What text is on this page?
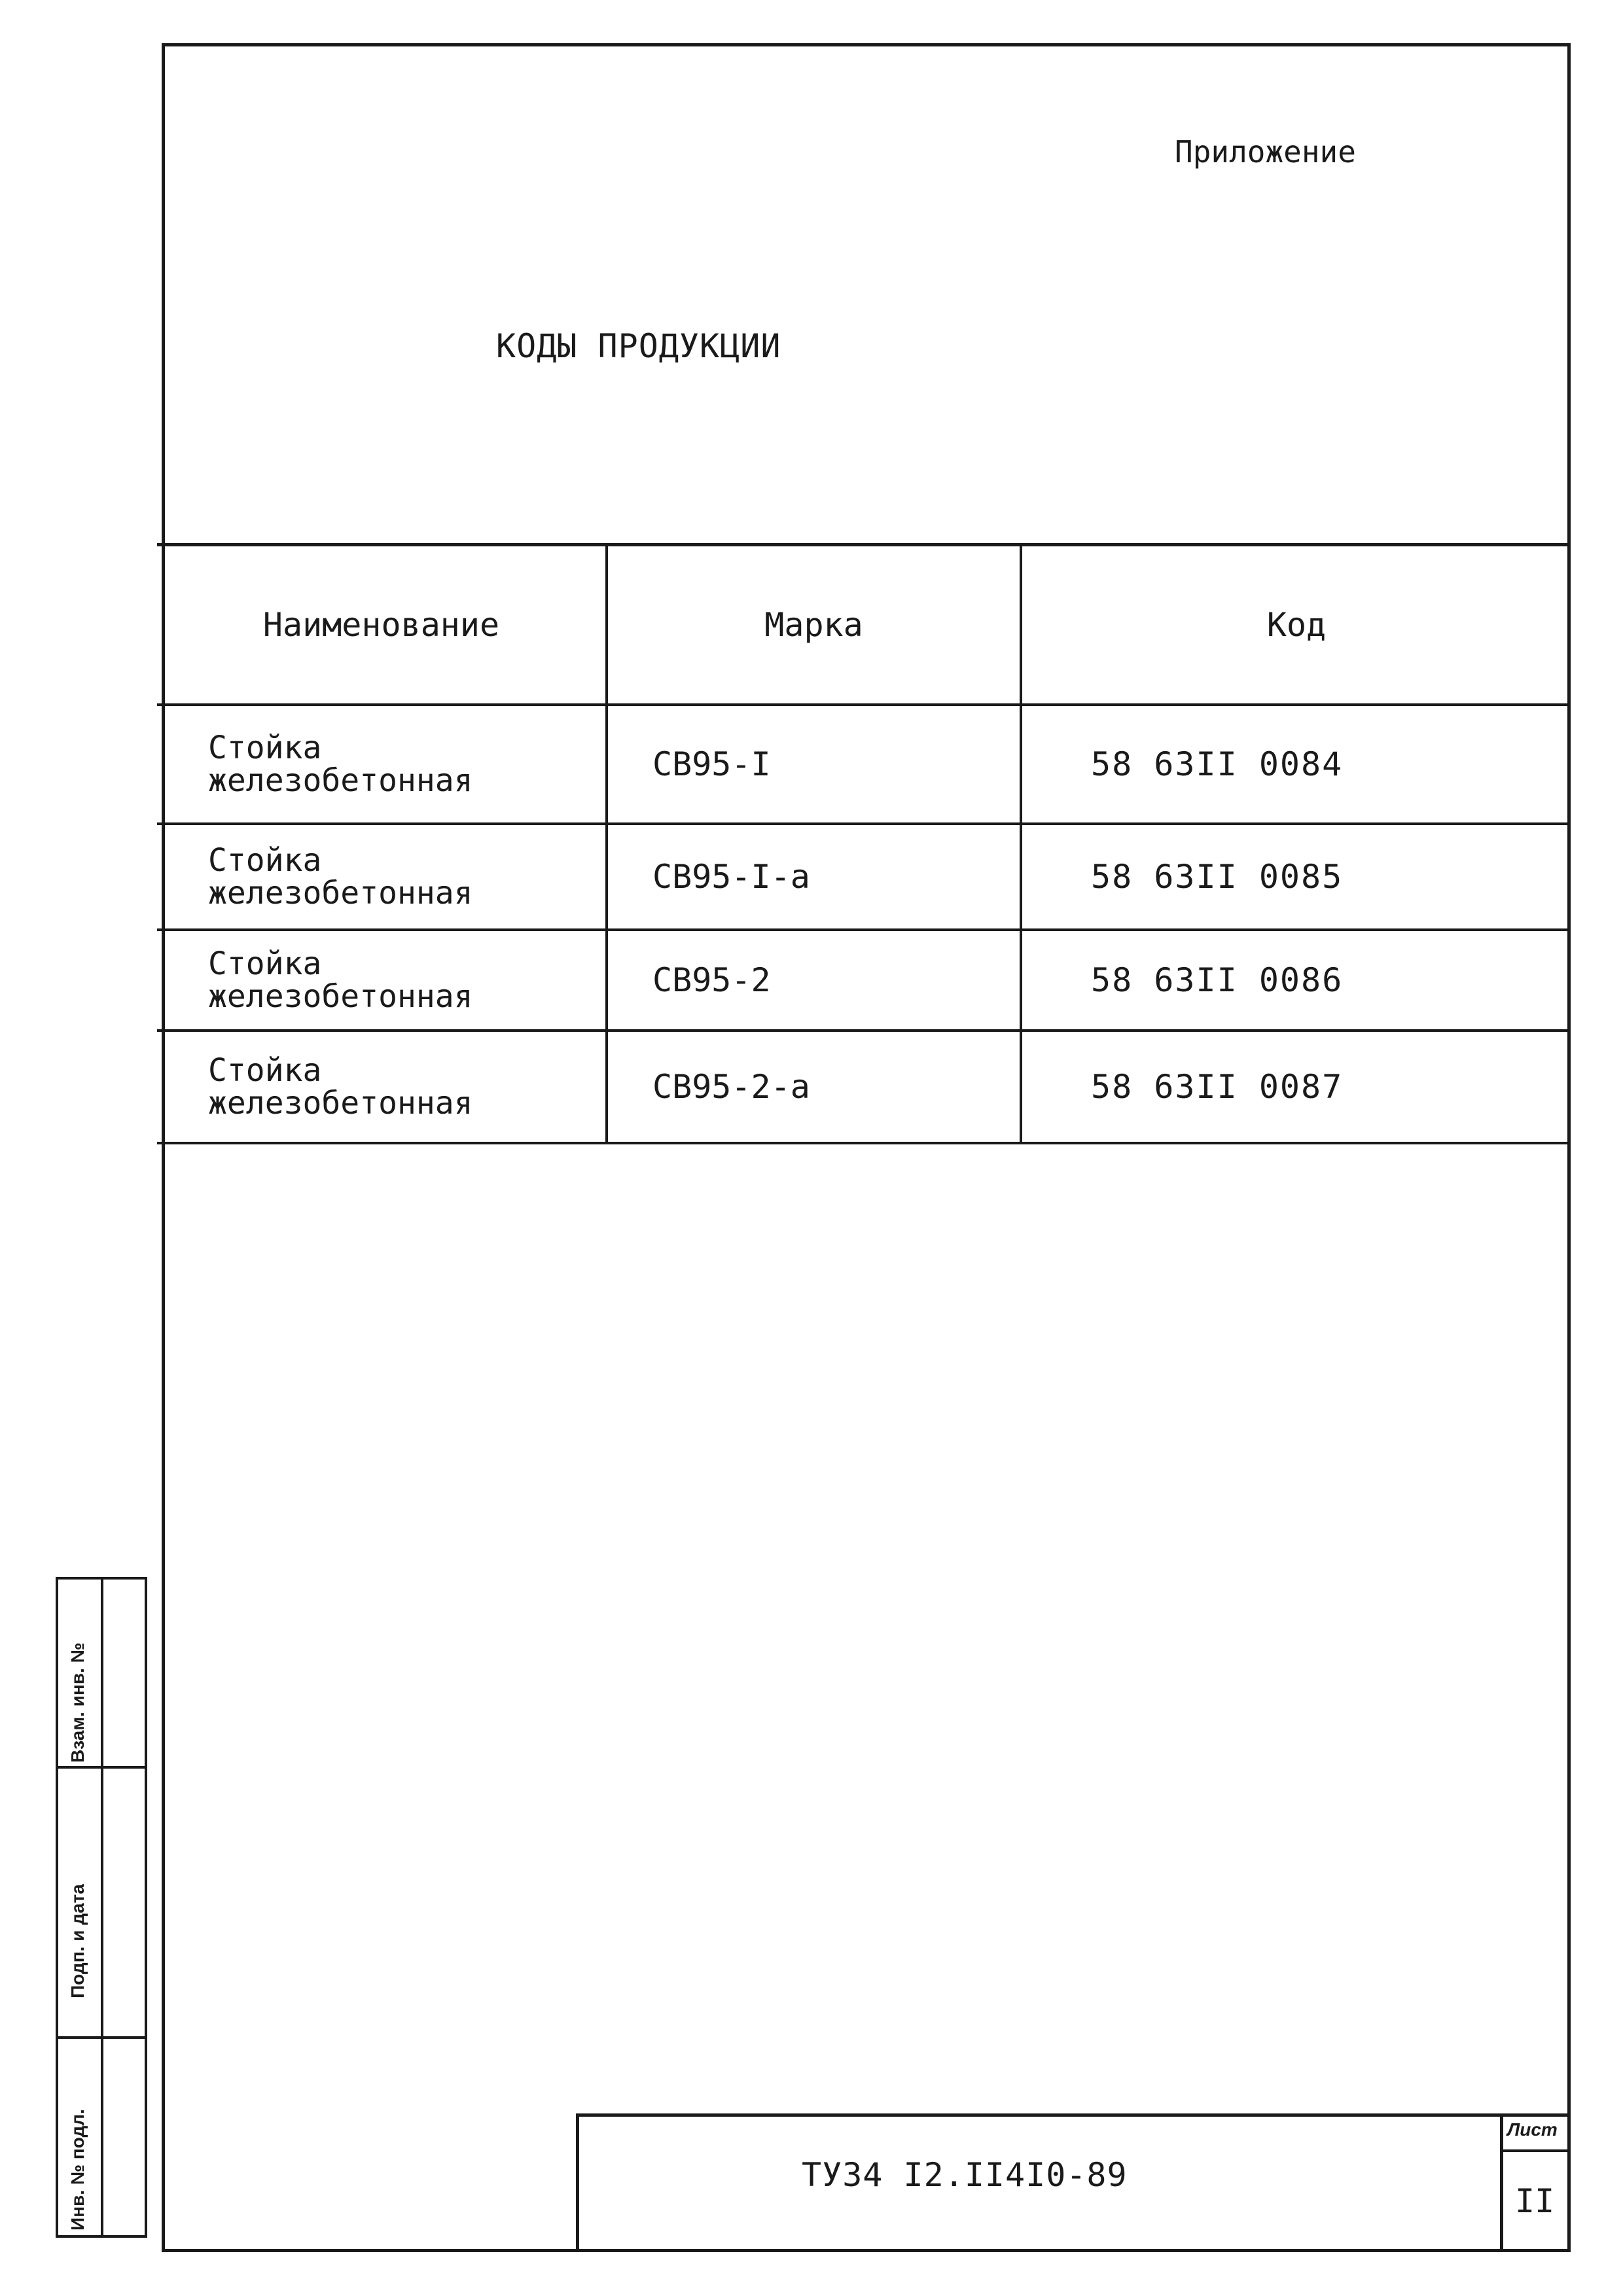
Приложение
КОДЫ ПРОДУКЦИИ
Наименование	Марка	Код

Стойка
железобетонная	СВ95-I	58 63II 0084

Стойка
железобетонная	СВ95-I-а	58 63II 0085

Стойка
железобетонная	СВ95-2	58 63II 0086

Стойка
железобетонная	СВ95-2-а	58 63II 0087
Взам. инв. №
Подп. и дата
Инв. № подл.	ТУ34 I2.II4I0-89
Лист
II
